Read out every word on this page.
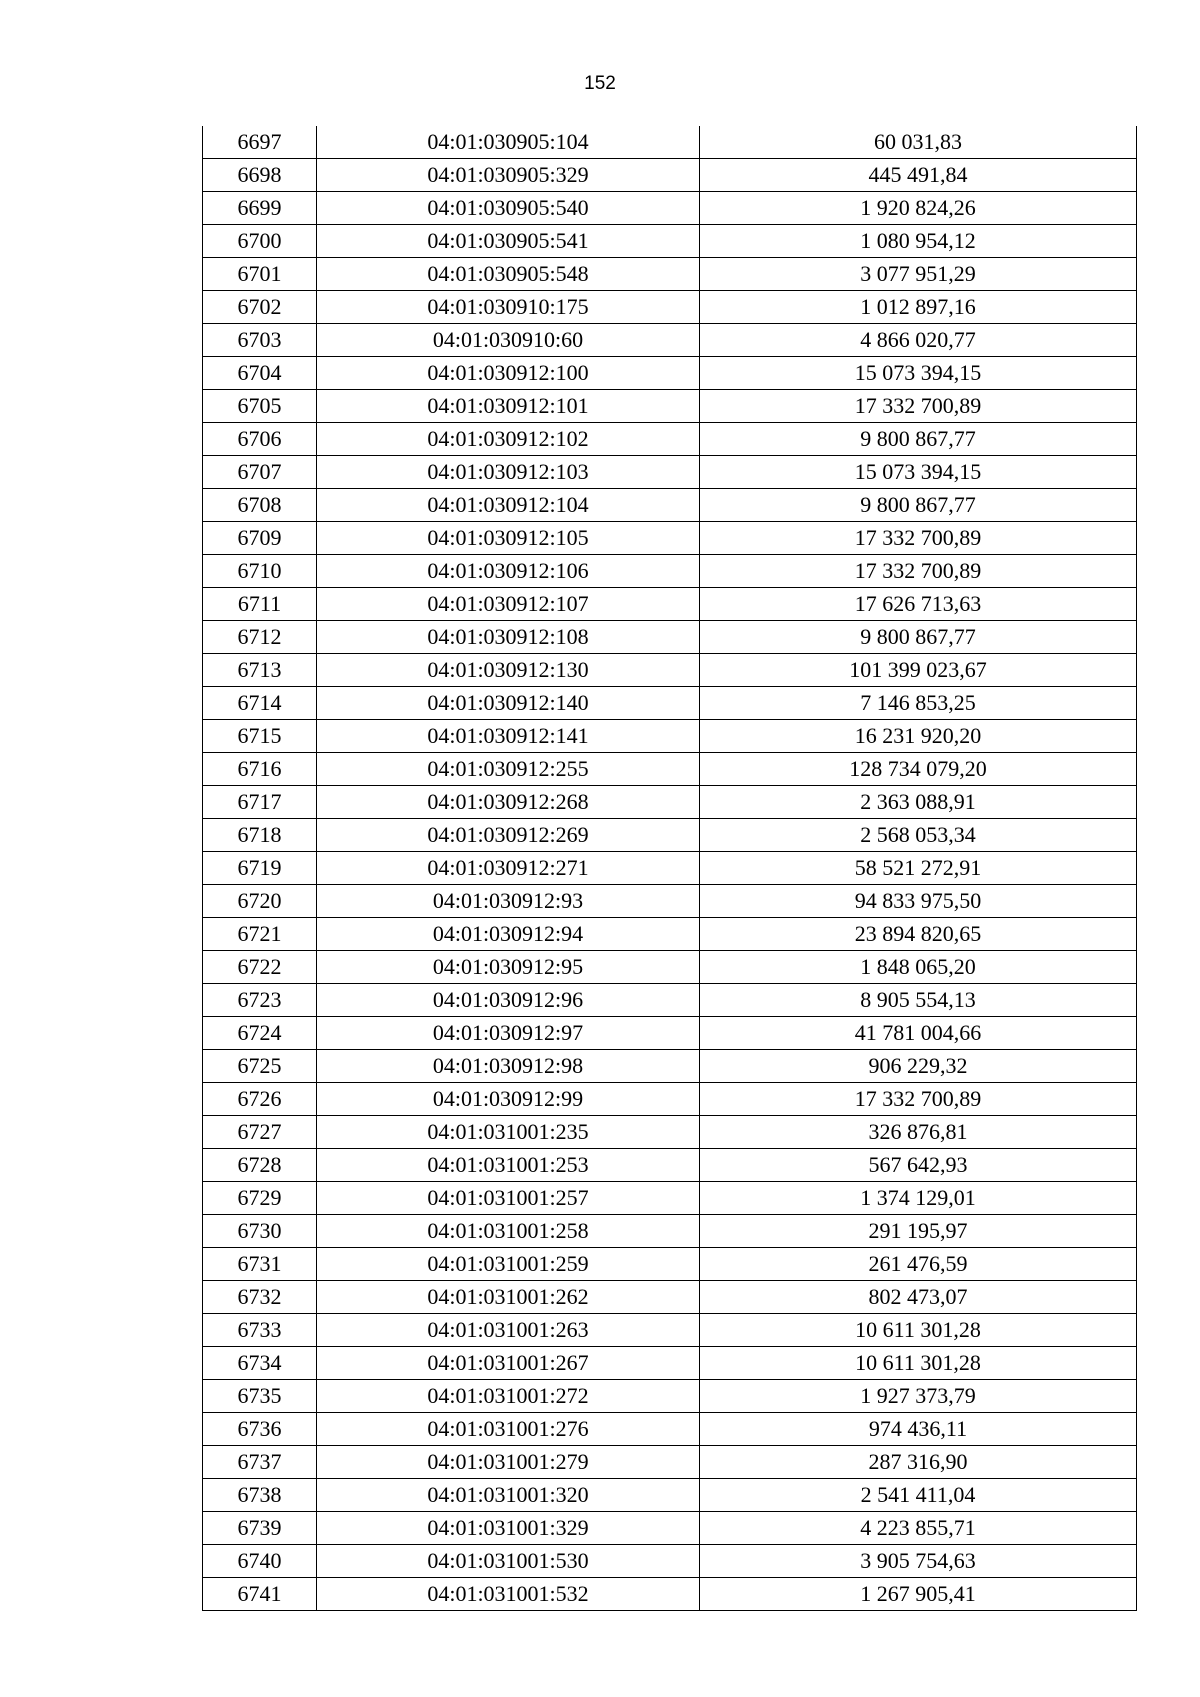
152
6697	04:01:030905:104	60 031,83
6698	04:01:030905:329	445 491,84
6699	04:01:030905:540	1 920 824,26
6700	04:01:030905:541	1 080 954,12
6701	04:01:030905:548	3 077 951,29
6702	04:01:030910:175	1 012 897,16
6703	04:01:030910:60	4 866 020,77
6704	04:01:030912:100	15 073 394,15
6705	04:01:030912:101	17 332 700,89
6706	04:01:030912:102	9 800 867,77
6707	04:01:030912:103	15 073 394,15
6708	04:01:030912:104	9 800 867,77
6709	04:01:030912:105	17 332 700,89
6710	04:01:030912:106	17 332 700,89
6711	04:01:030912:107	17 626 713,63
6712	04:01:030912:108	9 800 867,77
6713	04:01:030912:130	101 399 023,67
6714	04:01:030912:140	7 146 853,25
6715	04:01:030912:141	16 231 920,20
6716	04:01:030912:255	128 734 079,20
6717	04:01:030912:268	2 363 088,91
6718	04:01:030912:269	2 568 053,34
6719	04:01:030912:271	58 521 272,91
6720	04:01:030912:93	94 833 975,50
6721	04:01:030912:94	23 894 820,65
6722	04:01:030912:95	1 848 065,20
6723	04:01:030912:96	8 905 554,13
6724	04:01:030912:97	41 781 004,66
6725	04:01:030912:98	906 229,32
6726	04:01:030912:99	17 332 700,89
6727	04:01:031001:235	326 876,81
6728	04:01:031001:253	567 642,93
6729	04:01:031001:257	1 374 129,01
6730	04:01:031001:258	291 195,97
6731	04:01:031001:259	261 476,59
6732	04:01:031001:262	802 473,07
6733	04:01:031001:263	10 611 301,28
6734	04:01:031001:267	10 611 301,28
6735	04:01:031001:272	1 927 373,79
6736	04:01:031001:276	974 436,11
6737	04:01:031001:279	287 316,90
6738	04:01:031001:320	2 541 411,04
6739	04:01:031001:329	4 223 855,71
6740	04:01:031001:530	3 905 754,63
6741	04:01:031001:532	1 267 905,41
